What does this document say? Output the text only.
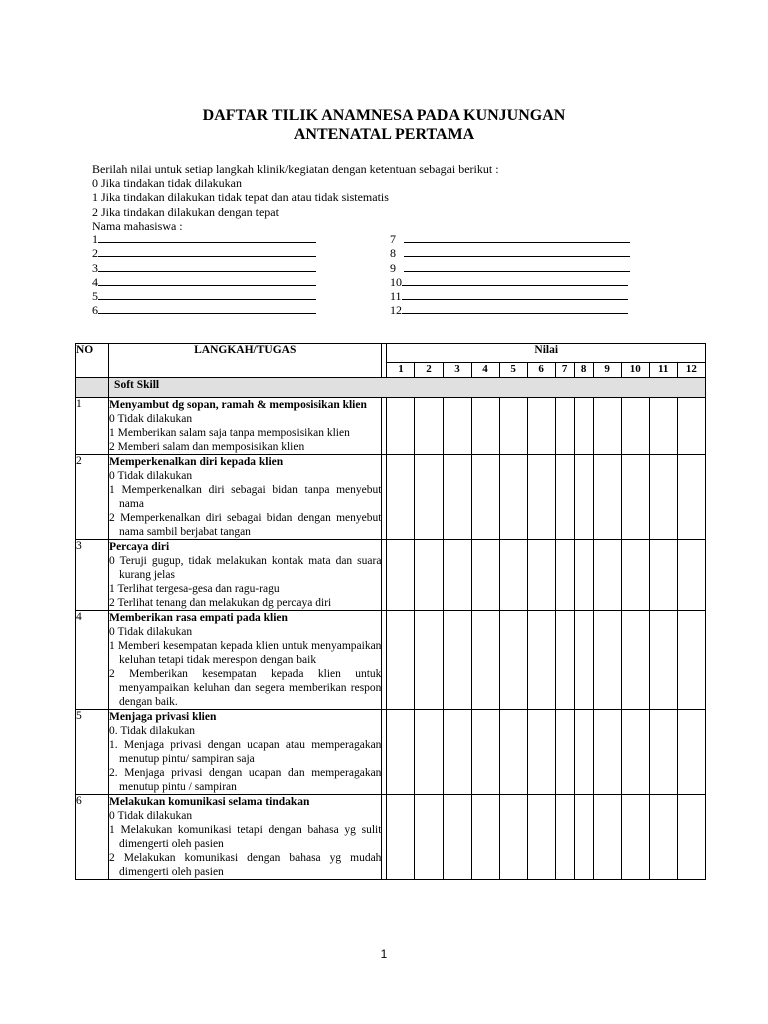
DAFTAR TILIK ANAMNESA PADA KUNJUNGAN
ANTENATAL PERTAMA
Berilah nilai untuk setiap langkah klinik/kegiatan dengan ketentuan sebagai berikut :
0 Jika tindakan tidak dilakukan
1 Jika tindakan dilakukan tidak tepat dan atau tidak sistematis
2 Jika tindakan dilakukan dengan tepat
Nama mahasiswa :
1
2
3
4
5
6
7
8
9
10
11
12
NO	LANGKAH/TUGAS		Nilai											
			1	2	3	4	5	6	7	8	9	10	11	12
	Soft Skill													
1	Menyambut dg sopan, ramah & memposisikan klien
0 Tidak dilakukan
1 Memberikan salam saja tanpa memposisikan klien
2 Memberi salam dan memposisikan klien													

2	Memperkenalkan diri kepada klien
0 Tidak dilakukan
1 Memperkenalkan diri sebagai bidan tanpa menyebut nama
2 Memperkenalkan diri sebagai bidan dengan menyebut nama sambil berjabat tangan													

3	Percaya diri
0 Teruji gugup, tidak melakukan kontak mata dan suara kurang jelas
1 Terlihat tergesa-gesa dan ragu-ragu
2 Terlihat tenang dan melakukan dg percaya diri													

4	Memberikan rasa empati pada klien
0 Tidak dilakukan
1 Memberi kesempatan kepada klien untuk menyampaikan keluhan tetapi tidak merespon dengan baik
2 Memberikan kesempatan kepada klien untuk menyampaikan keluhan dan segera memberikan respon dengan baik.													

5	Menjaga privasi klien
0. Tidak dilakukan
1. Menjaga privasi dengan ucapan atau memperagakan menutup pintu/ sampiran saja
2. Menjaga privasi dengan ucapan dan memperagakan menutup pintu / sampiran													

6	Melakukan komunikasi selama tindakan
0 Tidak dilakukan
1 Melakukan komunikasi tetapi dengan bahasa yg sulit dimengerti oleh pasien
2 Melakukan komunikasi dengan bahasa yg mudah dimengerti oleh pasien													

1
